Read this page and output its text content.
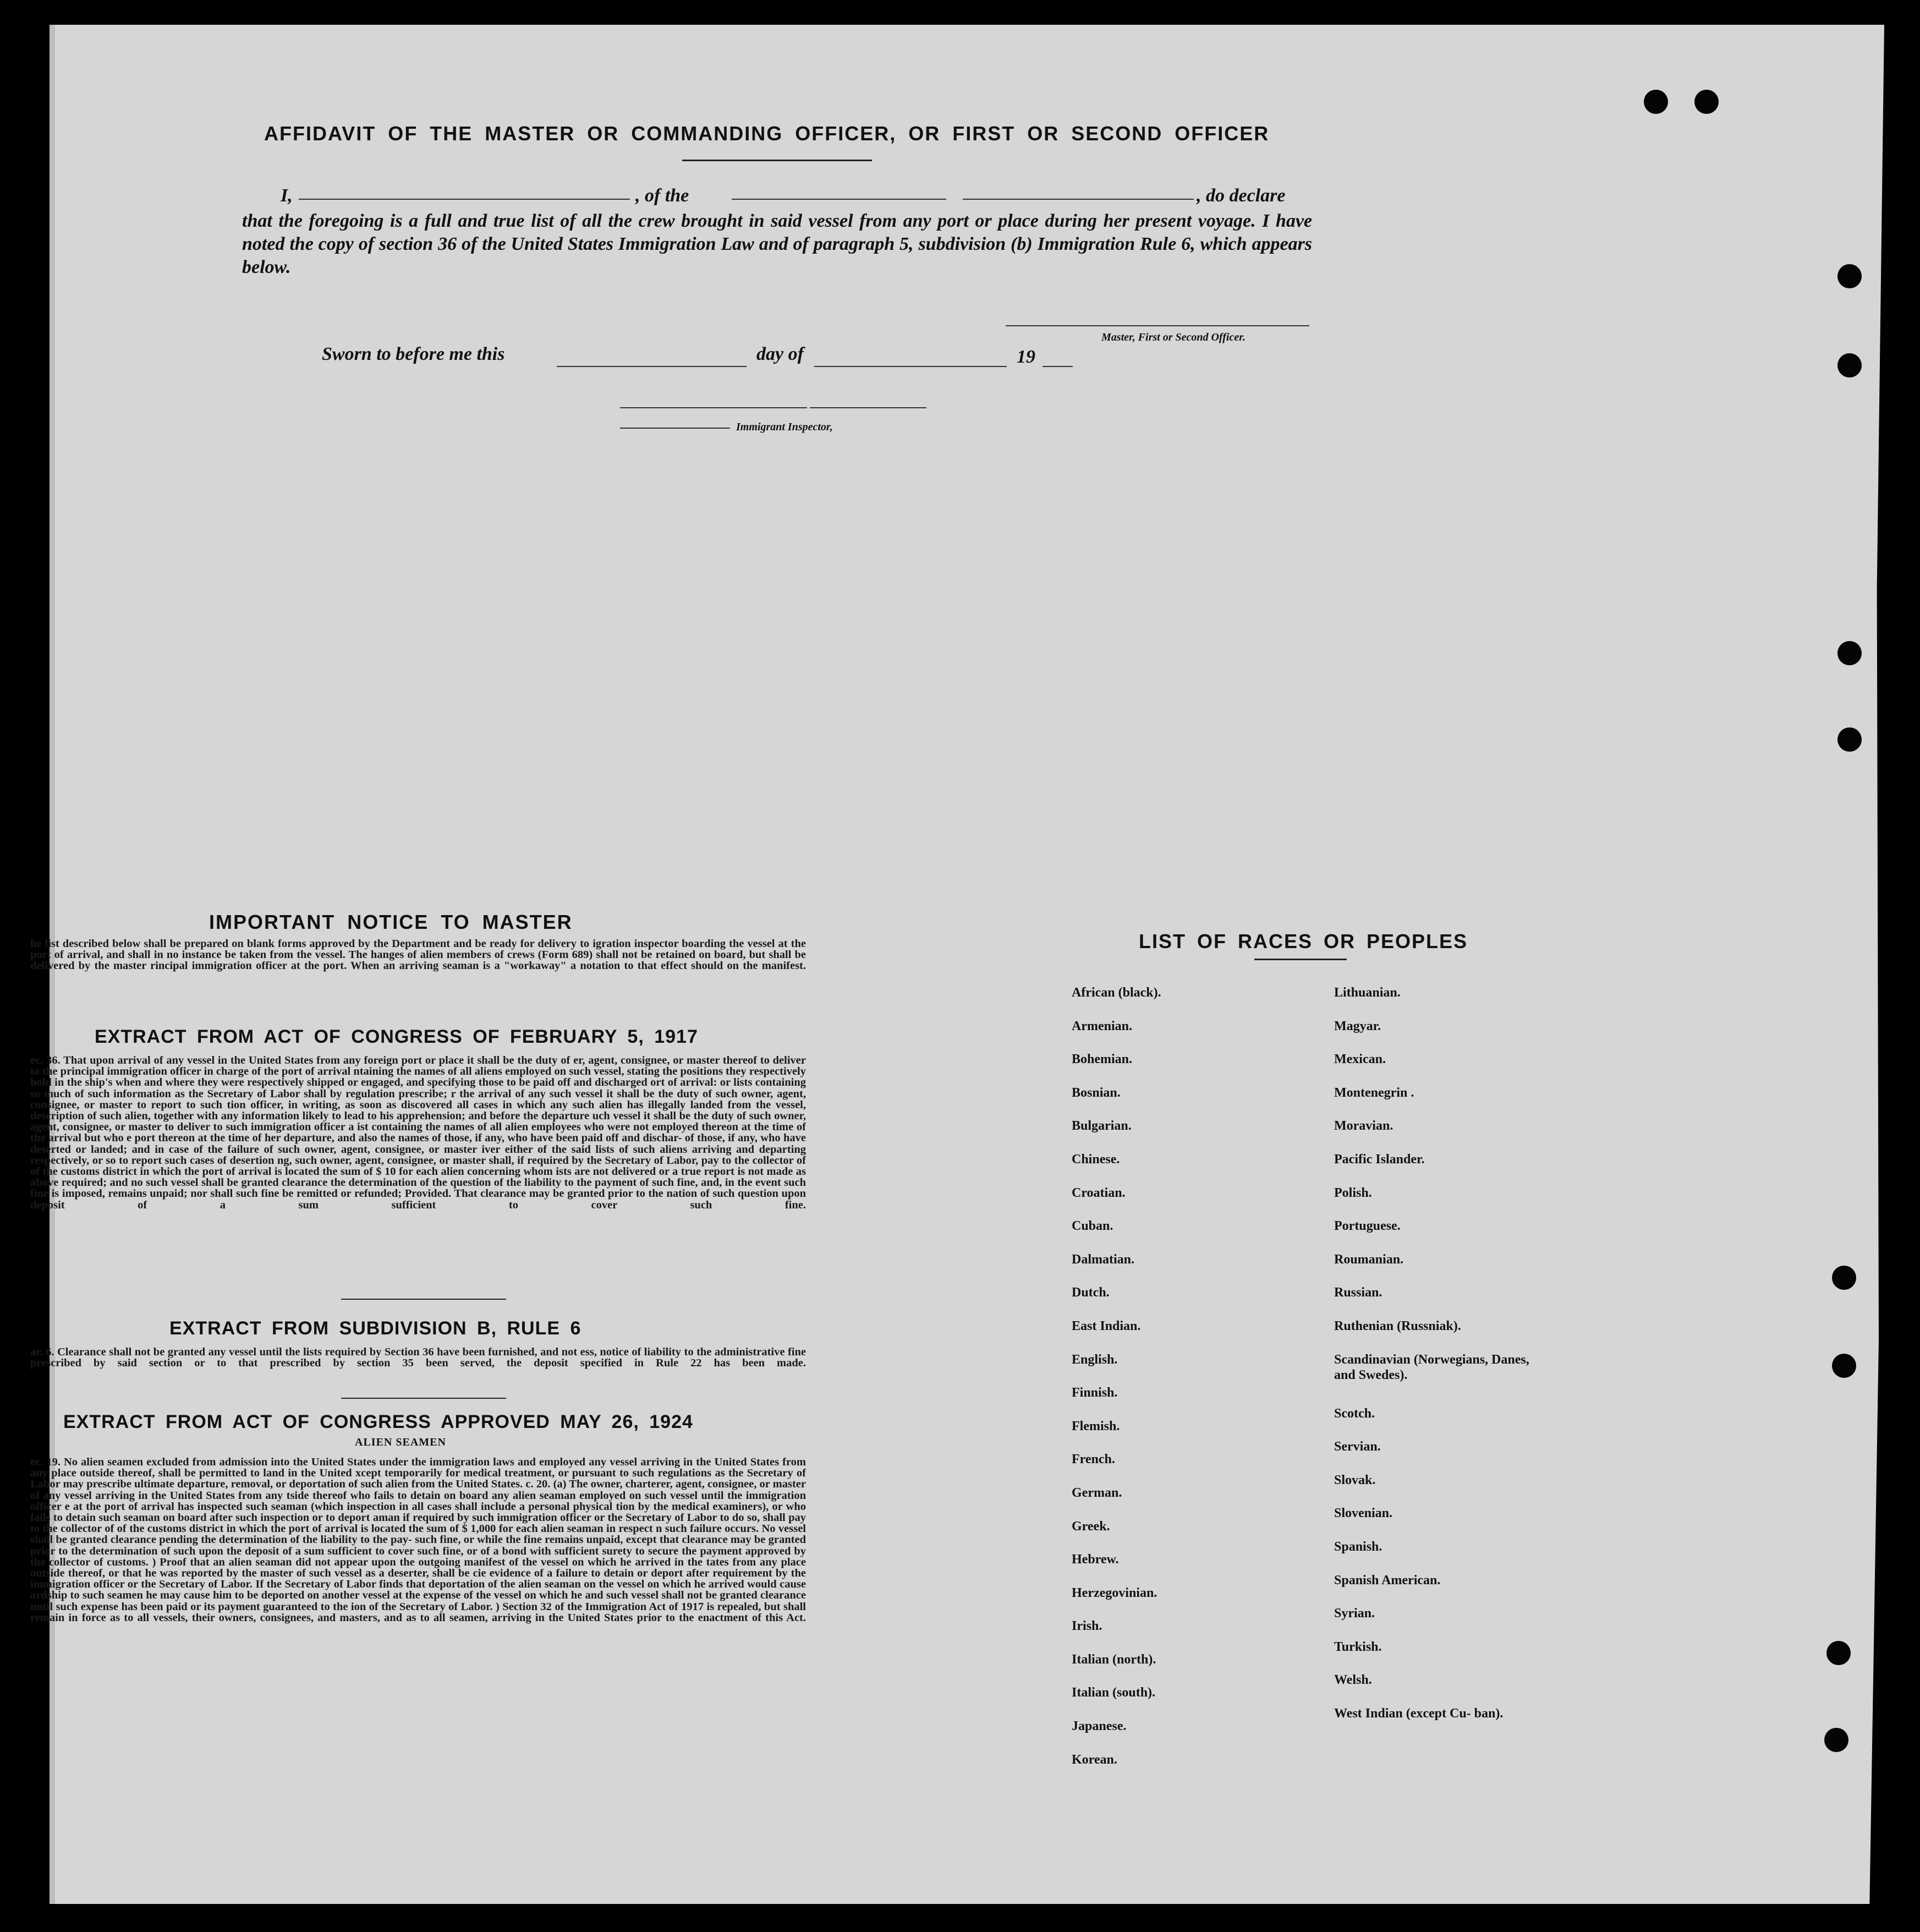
AFFIDAVIT OF THE MASTER OR COMMANDING OFFICER, OR FIRST OR SECOND OFFICER
I,	, of the	, do declare
that the foregoing is a full and true list of all the crew brought in said vessel from any port or place during her present voyage. I have noted the copy of section 36 of the United States Immigration Law and of paragraph 5, subdivision (b) Immigration Rule 6, which appears below.
Master, First or Second Officer.
Sworn to before me this	day of	19
Immigrant Inspector,
IMPORTANT NOTICE TO MASTER
he list described below shall be prepared on blank forms approved by the Department and be ready for delivery to igration inspector boarding the vessel at the port of arrival, and shall in no instance be taken from the vessel. The hanges of alien members of crews (Form 689) shall not be retained on board, but shall be delivered by the master rincipal immigration officer at the port. When an arriving seaman is a "workaway" a notation to that effect should on the manifest.
EXTRACT FROM ACT OF CONGRESS OF FEBRUARY 5, 1917
ec. 36. That upon arrival of any vessel in the United States from any foreign port or place it shall be the duty of er, agent, consignee, or master thereof to deliver to the principal immigration officer in charge of the port of arrival ntaining the names of all aliens employed on such vessel, stating the positions they respectively hold in the ship's when and where they were respectively shipped or engaged, and specifying those to be paid off and discharged ort of arrival: or lists containing so much of such information as the Secretary of Labor shall by regulation prescribe; r the arrival of any such vessel it shall be the duty of such owner, agent, consignee, or master to report to such tion officer, in writing, as soon as discovered all cases in which any such alien has illegally landed from the vessel, description of such alien, together with any information likely to lead to his apprehension; and before the departure uch vessel it shall be the duty of such owner, agent, consignee, or master to deliver to such immigration officer a ist containing the names of all alien employees who were not employed thereon at the time of the arrival but who e port thereon at the time of her departure, and also the names of those, if any, who have been paid off and dischar- of those, if any, who have deserted or landed; and in case of the failure of such owner, agent, consignee, or master iver either of the said lists of such aliens arriving and departing respectively, or so to report such cases of desertion ng, such owner, agent, consignee, or master shall, if required by the Secretary of Labor, pay to the collector of of the customs district in which the port of arrival is located the sum of $ 10 for each alien concerning whom ists are not delivered or a true report is not made as above required; and no such vessel shall be granted clearance the determination of the question of the liability to the payment of such fine, and, in the event such fine is imposed, remains unpaid; nor shall such fine be remitted or refunded; Provided. That clearance may be granted prior to the nation of such question upon deposit of a sum sufficient to cover such fine.
EXTRACT FROM SUBDIVISION B, RULE 6
ar. 6. Clearance shall not be granted any vessel until the lists required by Section 36 have been furnished, and not ess, notice of liability to the administrative fine prescribed by said section or to that prescribed by section 35 been served, the deposit specified in Rule 22 has been made.
EXTRACT FROM ACT OF CONGRESS APPROVED MAY 26, 1924
ALIEN SEAMEN
ec. 19. No alien seamen excluded from admission into the United States under the immigration laws and employed any vessel arriving in the United States from any place outside thereof, shall be permitted to land in the United xcept temporarily for medical treatment, or pursuant to such regulations as the Secretary of Labor may prescribe ultimate departure, removal, or deportation of such alien from the United States. c. 20. (a) The owner, charterer, agent, consignee, or master of any vessel arriving in the United States from any tside thereof who fails to detain on board any alien seaman employed on such vessel until the immigration officer e at the port of arrival has inspected such seaman (which inspection in all cases shall include a personal physical tion by the medical examiners), or who fails to detain such seaman on board after such inspection or to deport aman if required by such immigration officer or the Secretary of Labor to do so, shall pay to the collector of of the customs district in which the port of arrival is located the sum of $ 1,000 for each alien seaman in respect n such failure occurs. No vessel shall be granted clearance pending the determination of the liability to the pay- such fine, or while the fine remains unpaid, except that clearance may be granted prior to the determination of such upon the deposit of a sum sufficient to cover such fine, or of a bond with sufficient surety to secure the payment approved by the collector of customs. ) Proof that an alien seaman did not appear upon the outgoing manifest of the vessel on which he arrived in the tates from any place outside thereof, or that he was reported by the master of such vessel as a deserter, shall be cie evidence of a failure to detain or deport after requirement by the immigration officer or the Secretary of Labor. If the Secretary of Labor finds that deportation of the alien seaman on the vessel on which he arrived would cause ardship to such seamen he may cause him to be deported on another vessel at the expense of the vessel on which he and such vessel shall not be granted clearance until such expense has been paid or its payment guaranteed to the ion of the Secretary of Labor. ) Section 32 of the Immigration Act of 1917 is repealed, but shall remain in force as to all vessels, their owners, consignees, and masters, and as to all seamen, arriving in the United States prior to the enactment of this Act.
LIST OF RACES OR PEOPLES
African (black).
Armenian.
Bohemian.
Bosnian.
Bulgarian.
Chinese.
Croatian.
Cuban.
Dalmatian.
Dutch.
East Indian.
English.
Finnish.
Flemish.
French.
German.
Greek.
Hebrew.
Herzegovinian.
Irish.
Italian (north).
Italian (south).
Japanese.
Korean.
Lithuanian.
Magyar.
Mexican.
Montenegrin .
Moravian.
Pacific Islander.
Polish.
Portuguese.
Roumanian.
Russian.
Ruthenian (Russniak).
Scandinavian (Norwegians, Danes, and Swedes).
Scotch.
Servian.
Slovak.
Slovenian.
Spanish.
Spanish American.
Syrian.
Turkish.
Welsh.
West Indian (except Cu- ban).
